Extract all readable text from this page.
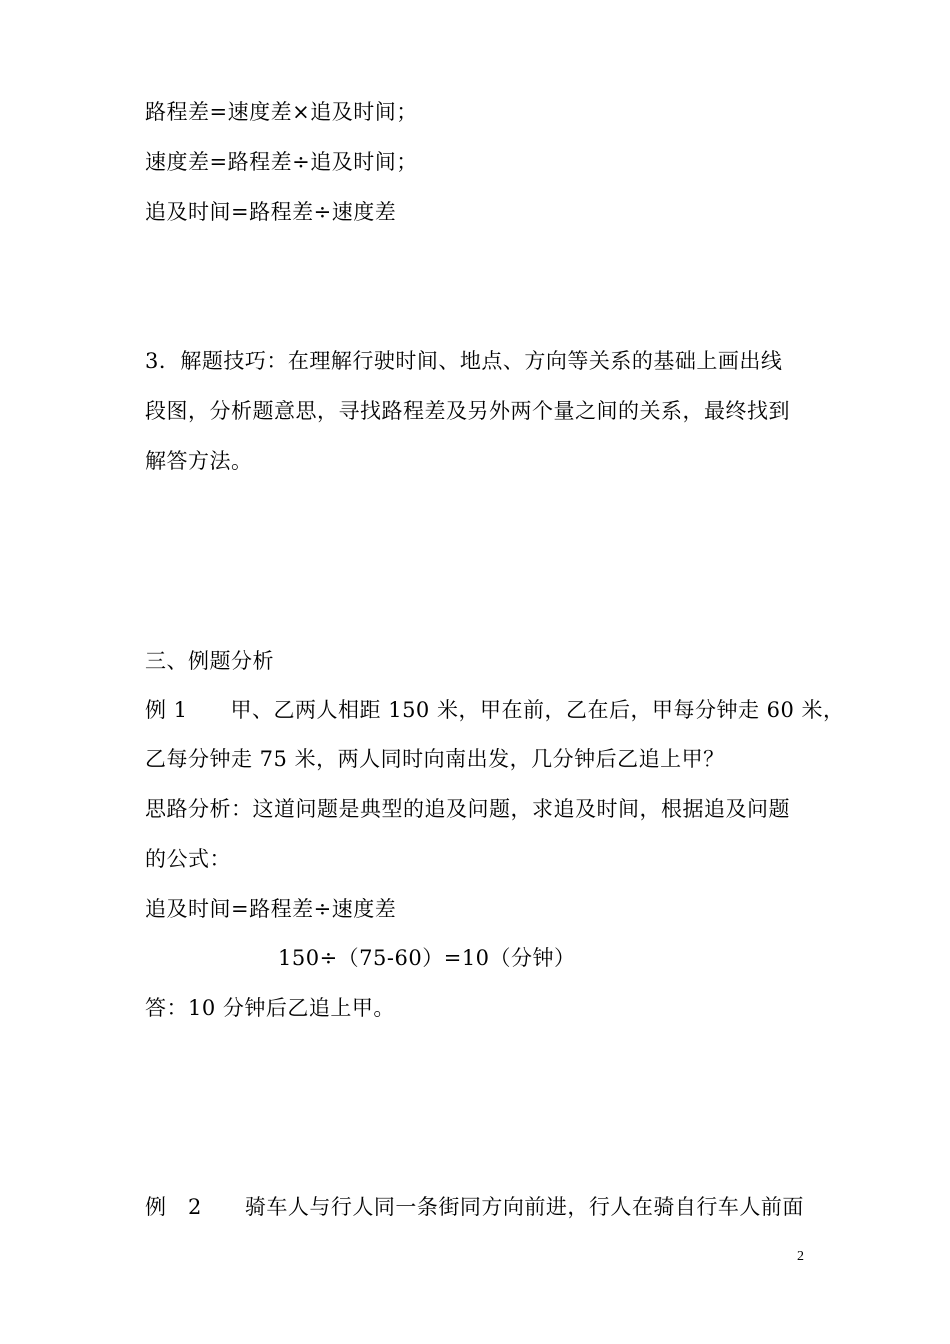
路程差=速度差×追及时间；
速度差=路程差÷追及时间；
追及时间=路程差÷速度差
3．解题技巧：在理解行驶时间、地点、方向等关系的基础上画出线
段图，分析题意思，寻找路程差及另外两个量之间的关系，最终找到
解答方法。
三、例题分析
例 1　　甲、乙两人相距 150 米，甲在前，乙在后，甲每分钟走 60 米，
乙每分钟走 75 米，两人同时向南出发，几分钟后乙追上甲？
思路分析：这道问题是典型的追及问题，求追及时间，根据追及问题
的公式：
追及时间=路程差÷速度差
150÷（75-60）=10（分钟）
答：10 分钟后乙追上甲。
例　2　　骑车人与行人同一条街同方向前进，行人在骑自行车人前面
2
